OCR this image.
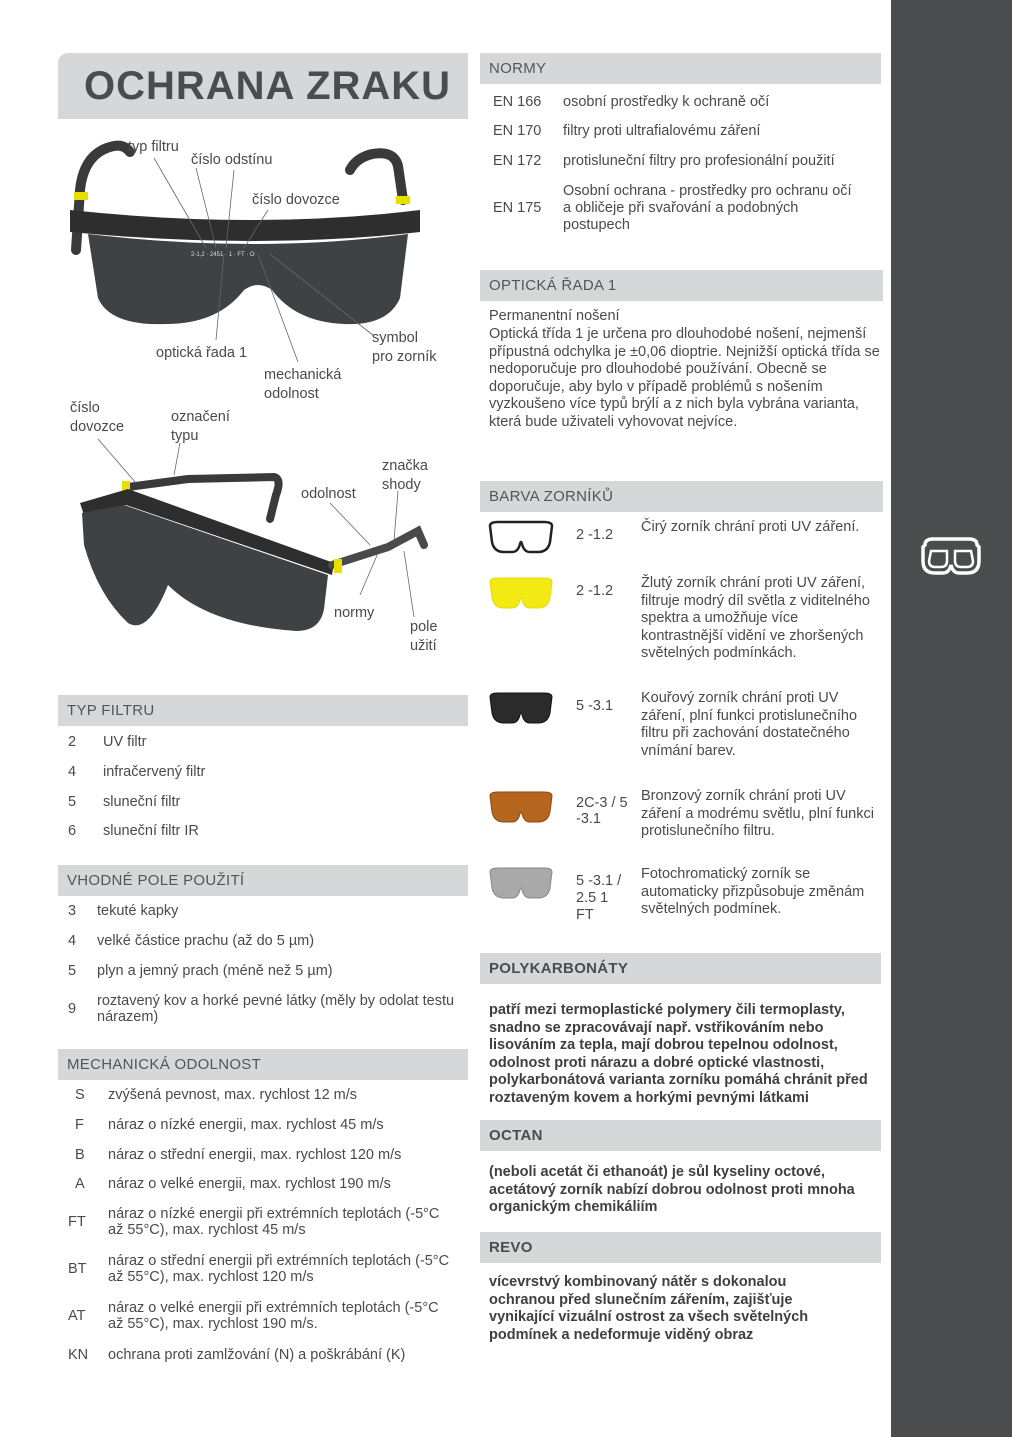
OCHRANA ZRAKU
2-1,2 · 2451 · 1 · FT · O
typ filtru
číslo odstínu
číslo dovozce
optická řada 1
mechanická
odolnost
symbol
pro zorník
číslo
dovozce
označení
typu
značka
shody
odolnost
normy
pole
užití
TYP FILTRU
2 UV filtr
4 infračervený filtr
5 sluneční filtr
6 sluneční filtr IR
VHODNÉ POLE POUŽITÍ
3 tekuté kapky
4 velké částice prachu (až do 5 µm)
5 plyn a jemný prach (méně než 5 µm)
9 roztavený kov a horké pevné látky (měly by odolat testu nárazem)
MECHANICKÁ ODOLNOST
S zvýšená pevnost, max. rychlost 12 m/s
F náraz o nízké energii, max. rychlost 45 m/s
B náraz o střední energii, max. rychlost 120 m/s
A náraz o velké energii, max. rychlost 190 m/s
FT náraz o nízké energii při extrémních teplotách (-5°C až 55°C), max. rychlost 45 m/s
BT náraz o střední energii při extrémních teplotách (-5°C až 55°C), max. rychlost 120 m/s
AT náraz o velké energii při extrémních teplotách (-5°C až 55°C), max. rychlost 190 m/s.
KN ochrana proti zamlžování (N) a poškrábání (K)
NORMY
EN 166 osobní prostředky k ochraně očí
EN 170 filtry proti ultrafialovému záření
EN 172 protisluneční filtry pro profesionální použití
EN 175
Osobní ochrana - prostředky pro ochranu očí a obličeje při svařování a podobných postupech
OPTICKÁ ŘADA 1
Permanentní nošení
Optická třída 1 je určena pro dlouhodobé nošení, nejmenší přípustná odchylka je ±0,06 dioptrie. Nejnižší optická třída se nedoporučuje pro dlouhodobé používání. Obecně se doporučuje, aby bylo v případě problémů s nošením vyzkoušeno více typů brýlí a z nich byla vybrána varianta, která bude uživateli vyhovovat nejvíce.
BARVA ZORNÍKŮ
2 -1.2 Čirý zorník chrání proti UV záření.
2 -1.2 Žlutý zorník chrání proti UV záření, filtruje modrý díl světla z viditelného spektra a umožňuje více kontrastnější vidění ve zhoršených světelných podmínkách.
5 -3.1 Kouřový zorník chrání proti UV záření, plní funkci protislunečního filtru při zachování dostatečného vnímání barev.
2C-3 / 5 -3.1
Bronzový zorník chrání proti UV záření a modrému světlu, plní funkci protislunečního filtru.
5 -3.1 / 2.5 1 FT
Fotochromatický zorník se automaticky přizpůsobuje změnám světelných podmínek.
POLYKARBONÁTY
patří mezi termoplastické polymery čili termoplasty, snadno se zpracovávají např. vstřikováním nebo lisováním za tepla, mají dobrou tepelnou odolnost, odolnost proti nárazu a dobré optické vlastnosti, polykarbonátová varianta zorníku pomáhá chránit před roztaveným kovem a horkými pevnými látkami
OCTAN
(neboli acetát či ethanoát) je sůl kyseliny octové, acetátový zorník nabízí dobrou odolnost proti mnoha organickým chemikáliím
REVO
vícevrstvý kombinovaný nátěr s dokonalou ochranou před slunečním zářením, zajišťuje vynikající vizuální ostrost za všech světelných podmínek a nedeformuje viděný obraz
